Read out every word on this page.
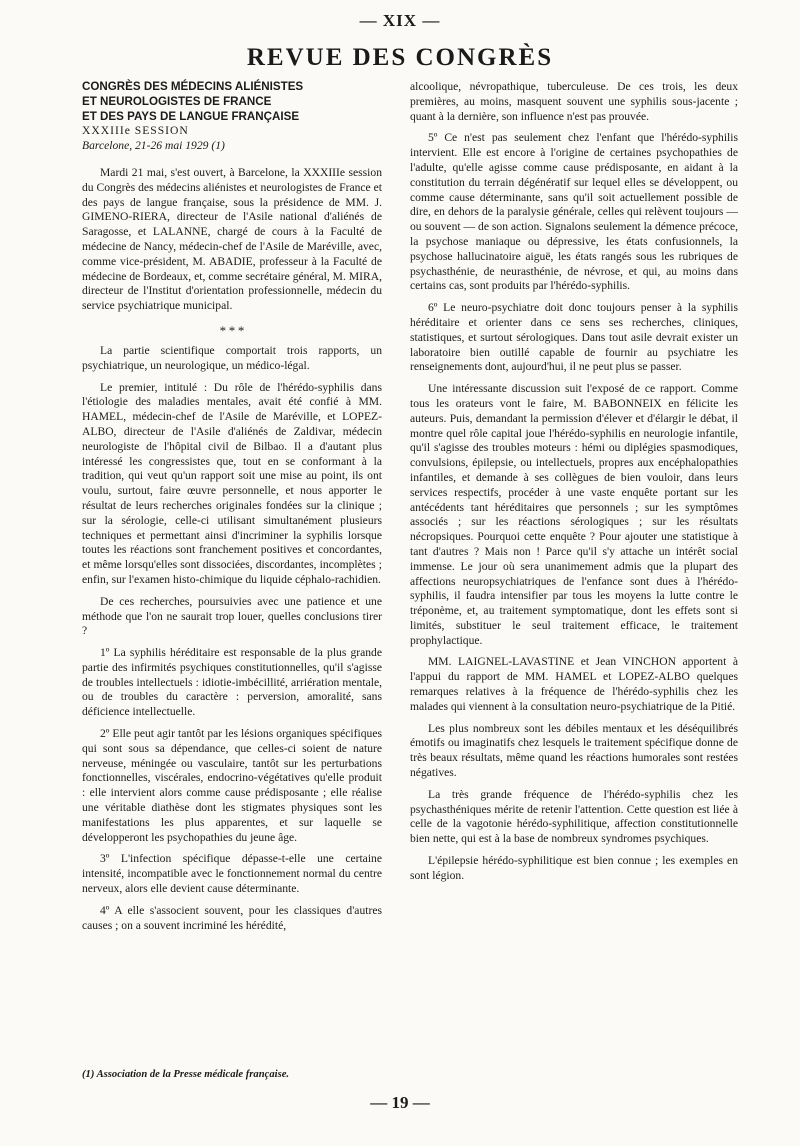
— XIX —
REVUE DES CONGRÈS

CONGRÈS DES MÉDECINS ALIÉNISTES

ET NEUROLOGISTES DE FRANCE

ET DES PAYS DE LANGUE FRANÇAISE

XXXIIIe SESSION

Barcelone, 21-26 mai 1929 (1)

Mardi 21 mai, s'est ouvert, à Barcelone, la XXXIIIe session du Congrès des médecins aliénistes et neurologistes de France et des pays de langue française, sous la présidence de MM. J. GIMENO-RIERA, directeur de l'Asile national d'aliénés de Saragosse, et LALANNE, chargé de cours à la Faculté de médecine de Nancy, médecin-chef de l'Asile de Maréville, avec, comme vice-président, M. ABADIE, professeur à la Faculté de médecine de Bordeaux, et, comme secrétaire général, M. MIRA, directeur de l'Institut d'orientation professionnelle, médecin du service psychiatrique municipal.

* * *

La partie scientifique comportait trois rapports, un psychiatrique, un neurologique, un médico-légal.

Le premier, intitulé : Du rôle de l'hérédo-syphilis dans l'étiologie des maladies mentales, avait été confié à MM. HAMEL, médecin-chef de l'Asile de Maréville, et LOPEZ-ALBO, directeur de l'Asile d'aliénés de Zaldivar, médecin neurologiste de l'hôpital civil de Bilbao. Il a d'autant plus intéressé les congressistes que, tout en se conformant à la tradition, qui veut qu'un rapport soit une mise au point, ils ont voulu, surtout, faire œuvre personnelle, et nous apporter le résultat de leurs recherches originales fondées sur la clinique ; sur la sérologie, celle-ci utilisant simultanément plusieurs techniques et permettant ainsi d'incriminer la syphilis lorsque toutes les réactions sont franchement positives et concordantes, et même lorsqu'elles sont dissociées, discordantes, incomplètes ; enfin, sur l'examen histo-chimique du liquide céphalo-rachidien.

De ces recherches, poursuivies avec une patience et une méthode que l'on ne saurait trop louer, quelles conclusions tirer ?

1º La syphilis héréditaire est responsable de la plus grande partie des infirmités psychiques constitutionnelles, qu'il s'agisse de troubles intellectuels : idiotie-imbécillité, arriération mentale, ou de troubles du caractère : perversion, amoralité, sans déficience intellectuelle.

2º Elle peut agir tantôt par les lésions organiques spécifiques qui sont sous sa dépendance, que celles-ci soient de nature nerveuse, méningée ou vasculaire, tantôt sur les perturbations fonctionnelles, viscérales, endocrino-végétatives qu'elle produit : elle intervient alors comme cause prédisposante ; elle réalise une véritable diathèse dont les stigmates physiques sont les manifestations les plus apparentes, et sur laquelle se développeront les psychopathies du jeune âge.

3º L'infection spécifique dépasse-t-elle une certaine intensité, incompatible avec le fonctionnement normal du centre nerveux, alors elle devient cause déterminante.

4º A elle s'associent souvent, pour les classiques d'autres causes ; on a souvent incriminé les hérédité,

alcoolique, névropathique, tuberculeuse. De ces trois, les deux premières, au moins, masquent souvent une syphilis sous-jacente ; quant à la dernière, son influence n'est pas prouvée.

5º Ce n'est pas seulement chez l'enfant que l'hérédo-syphilis intervient. Elle est encore à l'origine de certaines psychopathies de l'adulte, qu'elle agisse comme cause prédisposante, en aidant à la constitution du terrain dégénératif sur lequel elles se développent, ou comme cause déterminante, sans qu'il soit actuellement possible de dire, en dehors de la paralysie générale, celles qui relèvent toujours — ou souvent — de son action. Signalons seulement la démence précoce, la psychose maniaque ou dépressive, les états confusionnels, la psychose hallucinatoire aiguë, les états rangés sous les rubriques de psychasthénie, de neurasthénie, de névrose, et qui, au moins dans certains cas, sont produits par l'hérédo-syphilis.

6º Le neuro-psychiatre doit donc toujours penser à la syphilis héréditaire et orienter dans ce sens ses recherches, cliniques, statistiques, et surtout sérologiques. Dans tout asile devrait exister un laboratoire bien outillé capable de fournir au psychiatre les renseignements dont, aujourd'hui, il ne peut plus se passer.

Une intéressante discussion suit l'exposé de ce rapport. Comme tous les orateurs vont le faire, M. BABONNEIX en félicite les auteurs. Puis, demandant la permission d'élever et d'élargir le débat, il montre quel rôle capital joue l'hérédo-syphilis en neurologie infantile, qu'il s'agisse des troubles moteurs : hémi ou diplégies spasmodiques, convulsions, épilepsie, ou intellectuels, propres aux encéphalopathies infantiles, et demande à ses collègues de bien vouloir, dans leurs services respectifs, procéder à une vaste enquête portant sur les antécédents tant héréditaires que personnels ; sur les symptômes associés ; sur les réactions sérologiques ; sur les résultats nécropsiques. Pourquoi cette enquête ? Pour ajouter une statistique à tant d'autres ? Mais non ! Parce qu'il s'y attache un intérêt social immense. Le jour où sera unanimement admis que la plupart des affections neuropsychiatriques de l'enfance sont dues à l'hérédo-syphilis, il faudra intensifier par tous les moyens la lutte contre le tréponème, et, au traitement symptomatique, dont les effets sont si limités, substituer le seul traitement efficace, le traitement prophylactique.

MM. LAIGNEL-LAVASTINE et Jean VINCHON apportent à l'appui du rapport de MM. HAMEL et LOPEZ-ALBO quelques remarques relatives à la fréquence de l'hérédo-syphilis chez les malades qui viennent à la consultation neuro-psychiatrique de la Pitié.

Les plus nombreux sont les débiles mentaux et les déséquilibrés émotifs ou imaginatifs chez lesquels le traitement spécifique donne de très beaux résultats, même quand les réactions humorales sont restées négatives.

La très grande fréquence de l'hérédo-syphilis chez les psychasthéniques mérite de retenir l'attention. Cette question est liée à celle de la vagotonie hérédo-syphilitique, affection constitutionnelle bien nette, qui est à la base de nombreux syndromes psychiques.

L'épilepsie hérédo-syphilitique est bien connue ; les exemples en sont légion.

(1) Association de la Presse médicale française.
— 19 —
